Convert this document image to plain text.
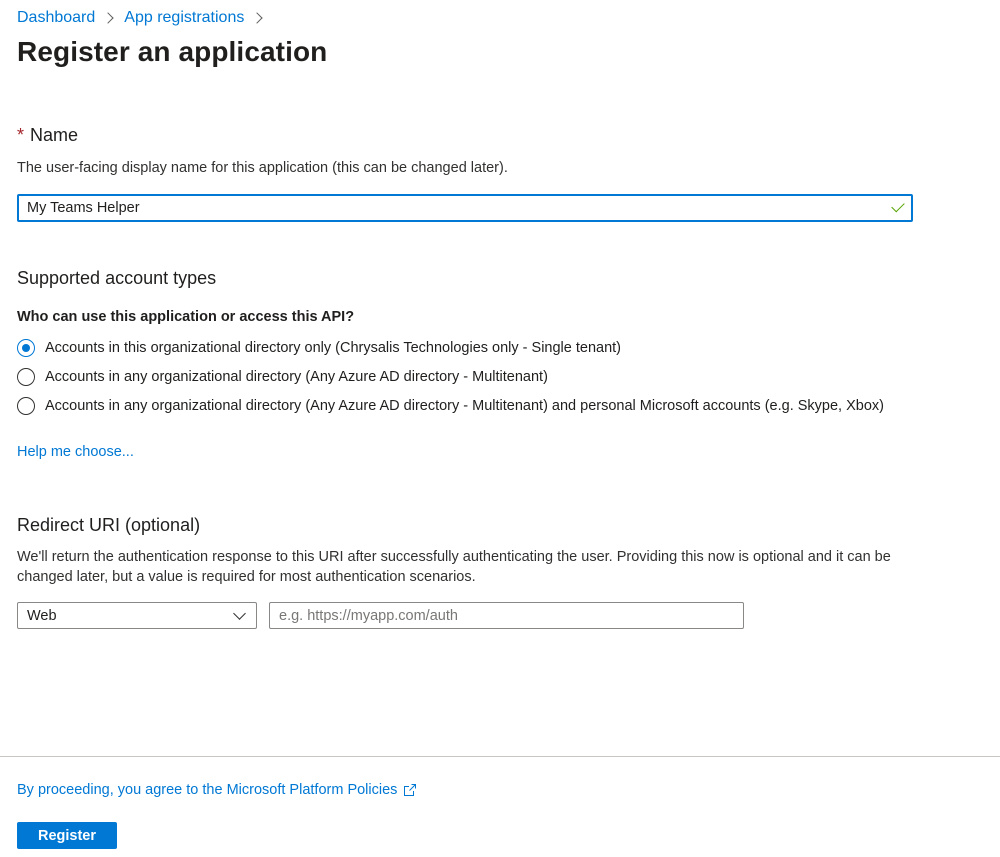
Dashboard App registrations
Register an application
* Name
The user-facing display name for this application (this can be changed later).
My Teams Helper
Supported account types
Who can use this application or access this API?
Accounts in this organizational directory only (Chrysalis Technologies only - Single tenant)
Accounts in any organizational directory (Any Azure AD directory - Multitenant)
Accounts in any organizational directory (Any Azure AD directory - Multitenant) and personal Microsoft accounts (e.g. Skype, Xbox)
Help me choose...
Redirect URI (optional)
We'll return the authentication response to this URI after successfully authenticating the user. Providing this now is optional and it can be
changed later, but a value is required for most authentication scenarios.
Web
e.g. https://myapp.com/auth
By proceeding, you agree to the Microsoft Platform Policies
Register
